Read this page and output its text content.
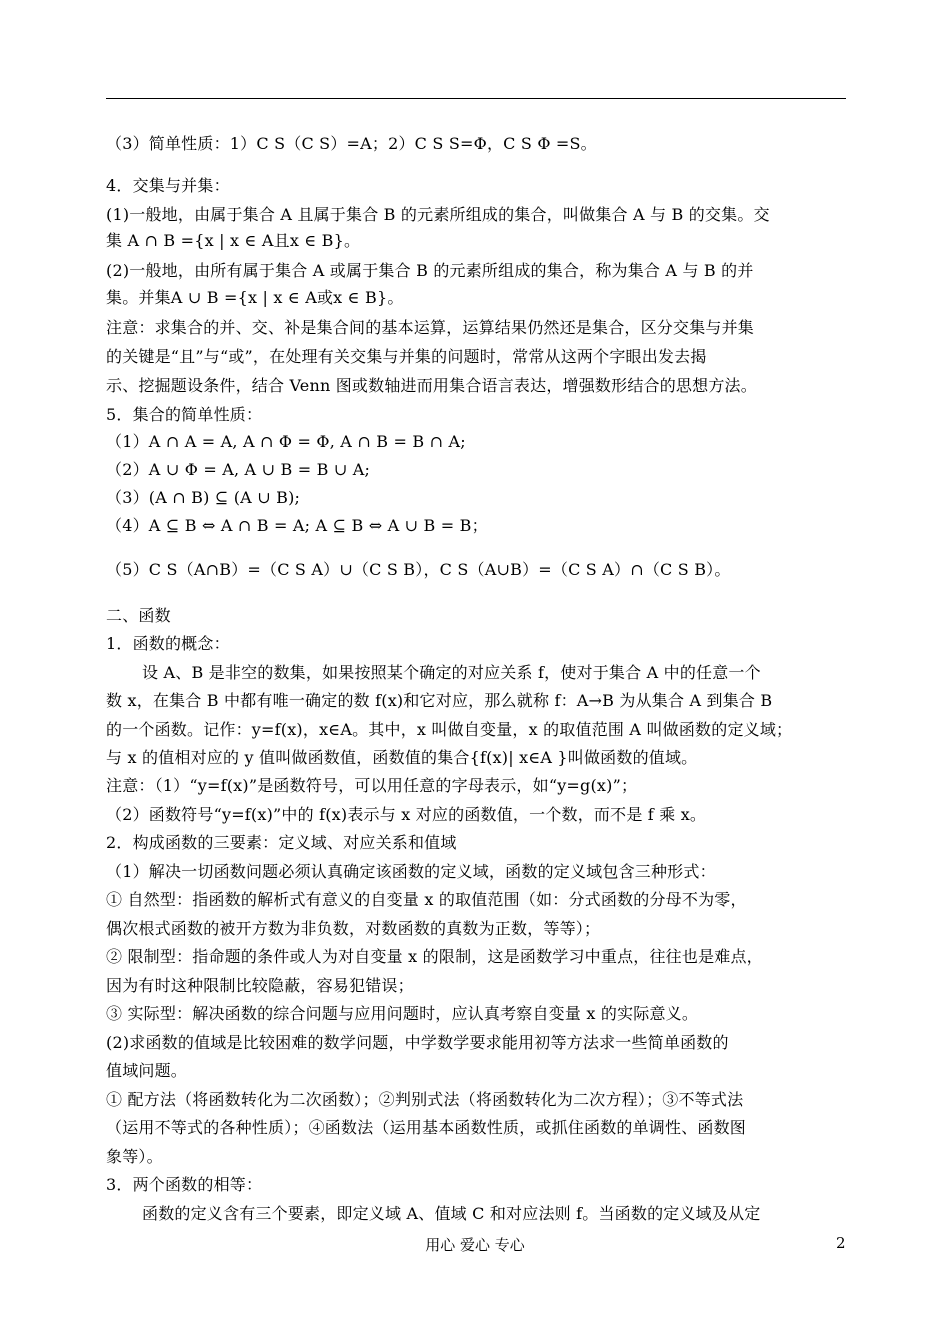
（3）简单性质：1）C S（C S）=A；2）C S S=Φ，C S Φ =S。
4．交集与并集：
(1)一般地，由属于集合 A 且属于集合 B 的元素所组成的集合，叫做集合 A 与 B 的交集。交
集 A ∩ B ={x | x ∈ A且x ∈ B}。
(2)一般地，由所有属于集合 A 或属于集合 B 的元素所组成的集合，称为集合 A 与 B 的并
集。并集A ∪ B ={x | x ∈ A或x ∈ B}。
注意：求集合的并、交、补是集合间的基本运算，运算结果仍然还是集合，区分交集与并集
的关键是“且”与“或”，在处理有关交集与并集的问题时，常常从这两个字眼出发去揭
示、挖掘题设条件，结合 Venn 图或数轴进而用集合语言表达，增强数形结合的思想方法。
5．集合的简单性质：
（1）A ∩ A = A, A ∩ Φ = Φ, A ∩ B = B ∩ A;
（2）A ∪ Φ = A, A ∪ B = B ∪ A;
（3）(A ∩ B) ⊆ (A ∪ B);
（4）A ⊆ B ⇔ A ∩ B = A; A ⊆ B ⇔ A ∪ B = B；
（5）C S（A∩B）=（C S A）∪（C S B），C S（A∪B）=（C S A）∩（C S B）。
二、函数
1．函数的概念：
设 A、B 是非空的数集，如果按照某个确定的对应关系 f，使对于集合 A 中的任意一个
数 x，在集合 B 中都有唯一确定的数 f(x)和它对应，那么就称 f：A→B 为从集合 A 到集合 B
的一个函数。记作：y=f(x)，x∈A。其中，x 叫做自变量，x 的取值范围 A 叫做函数的定义域；
与 x 的值相对应的 y 值叫做函数值，函数值的集合{f(x)| x∈A }叫做函数的值域。
注意：（1）“y=f(x)”是函数符号，可以用任意的字母表示，如“y=g(x)”；
（2）函数符号“y=f(x)”中的 f(x)表示与 x 对应的函数值，一个数，而不是 f 乘 x。
2．构成函数的三要素：定义域、对应关系和值域
（1）解决一切函数问题必须认真确定该函数的定义域，函数的定义域包含三种形式：
① 自然型：指函数的解析式有意义的自变量 x 的取值范围（如：分式函数的分母不为零，
偶次根式函数的被开方数为非负数，对数函数的真数为正数，等等）；
② 限制型：指命题的条件或人为对自变量 x 的限制，这是函数学习中重点，往往也是难点，
因为有时这种限制比较隐蔽，容易犯错误；
③ 实际型：解决函数的综合问题与应用问题时，应认真考察自变量 x 的实际意义。
(2)求函数的值域是比较困难的数学问题，中学数学要求能用初等方法求一些简单函数的
值域问题。
① 配方法（将函数转化为二次函数）；②判别式法（将函数转化为二次方程）；③不等式法
（运用不等式的各种性质）；④函数法（运用基本函数性质，或抓住函数的单调性、函数图
象等）。
3．两个函数的相等：
函数的定义含有三个要素，即定义域 A、值域 C 和对应法则 f。当函数的定义域及从定
用心 爱心 专心	2
